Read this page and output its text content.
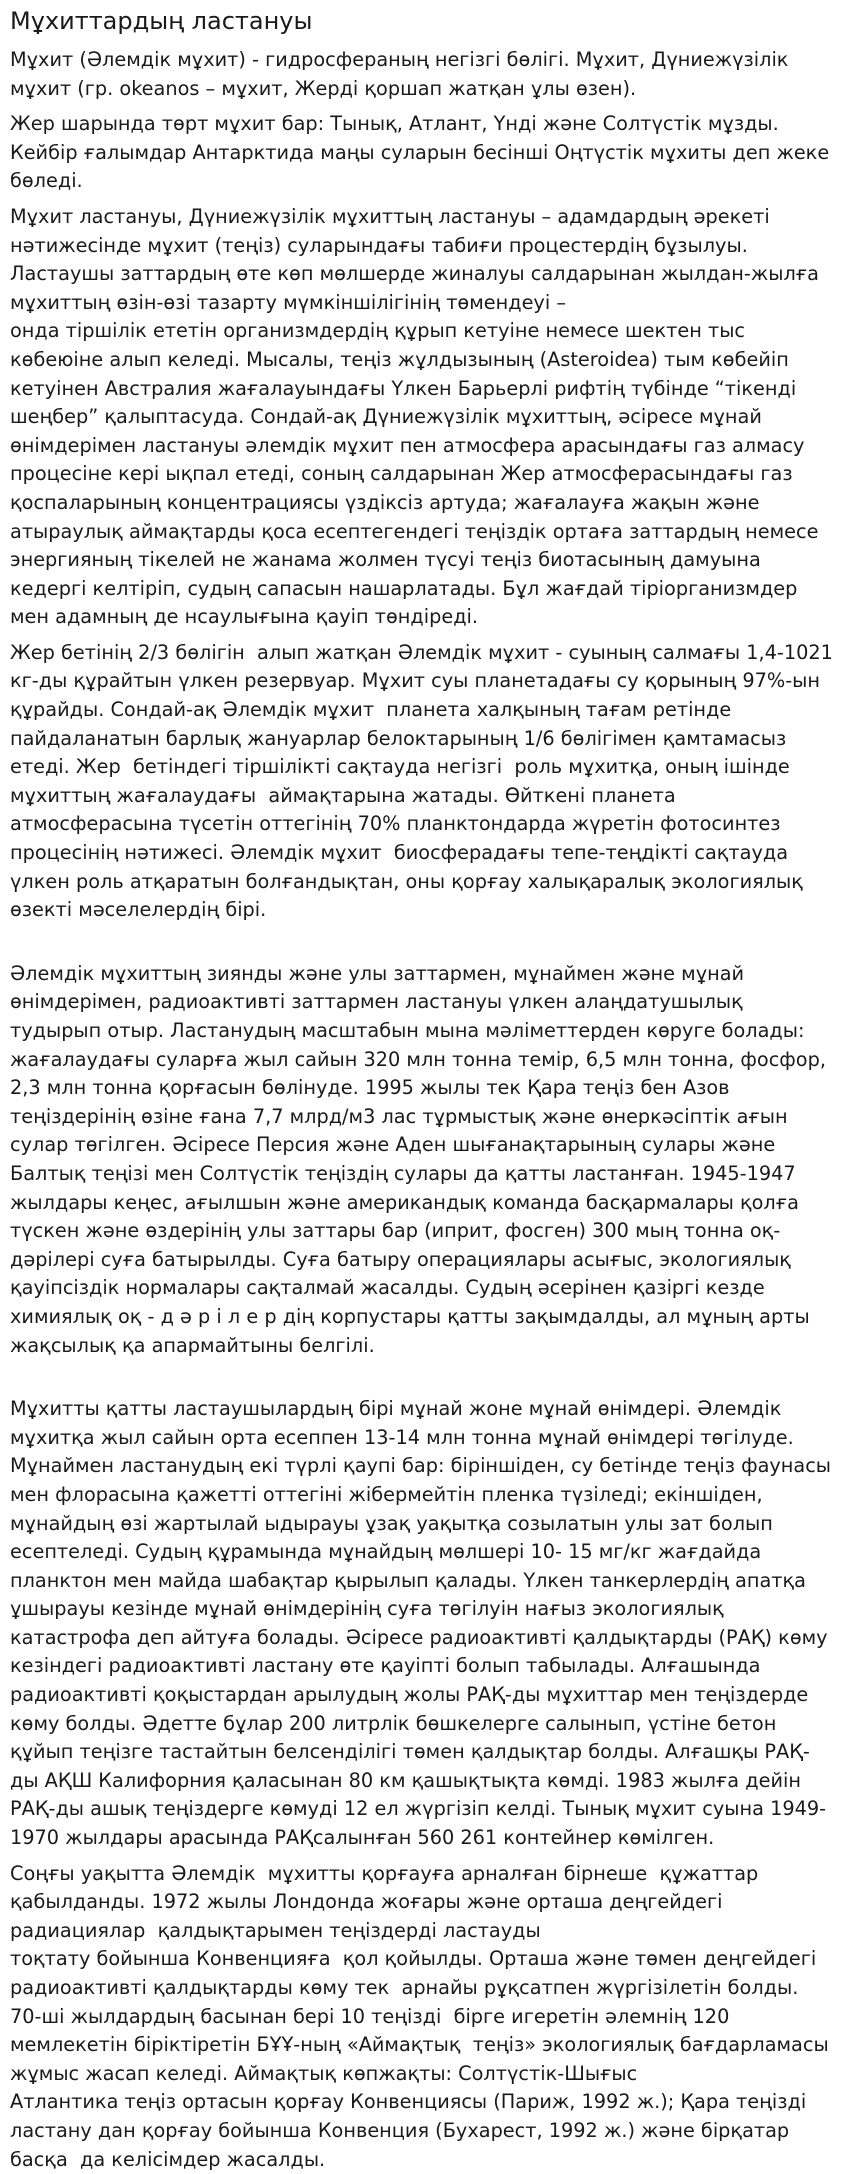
Мұхиттардың ластануы

Мұхит (Әлемдік мұхит) - гидросфераның негізгі бөлігі. Мұхит, Дүниежүзілік мұхит (гр. okeanos – мұхит, Жерді қоршап жатқан ұлы өзен).

Жер шарында төрт мұхит бар: Тынық, Атлант, Үнді және Солтүстік мұзды. Кейбір ғалымдар Антарктида маңы суларын бесінші Оңтүстік мұхиты деп жеке бөледі.

Мұхит ластануы, Дүниежүзілік мұхиттың ластануы – адамдардың әрекеті нәтижесінде мұхит (теңіз) суларындағы табиғи процестердің бұзылуы. Ластаушы заттардың өте көп мөлшерде жиналуы салдарынан жылдан-жылға мұхиттың өзін-өзі тазарту мүмкіншілігінің төмендеуі –
онда тіршілік ететін организмдердің құрып кетуіне немесе шектен тыс көбеюіне алып келеді. Мысалы, теңіз жұлдызының (Asteroidea) тым көбейіп кетуінен Австралия жағалауындағы Үлкен Барьерлі рифтің түбінде “тікенді шеңбер” қалыптасуда. Сондай-ақ Дүниежүзілік мұхиттың, әсіресе мұнай өнімдерімен ластануы әлемдік мұхит пен атмосфера арасындағы газ алмасу процесіне кері ықпал етеді, соның салдарынан Жер атмосферасындағы газ қоспаларының концентрациясы үздіксіз артуда; жағалауға жақын және атыраулық аймақтарды қоса есептегендегі теңіздік ортаға заттардың немесе энергияның тікелей не жанама жолмен түсуі теңіз биотасының дамуына кедергі келтіріп, судың сапасын нашарлатады. Бұл жағдай тіріорганизмдер мен адамның де нсаулығына қауіп төндіреді.

Жер бетінің 2/3 бөлігін  алып жатқан Әлемдік мұхит - суының салмағы 1,4-1021 кг-ды құрайтын үлкен резервуар. Мұхит суы планетадағы су қорының 97%-ын құрайды. Сондай-ақ Әлемдік мұхит  планета халқының тағам ретінде пайдаланатын барлық жануарлар белоктарының 1/6 бөлігімен қамтамасыз етеді. Жер  бетіндегі тіршілікті сақтауда негізгі  роль мұхитқа, оның ішінде мұхиттың жағалаудағы  аймақтарына жатады. Өйткені планета  атмосферасына түсетін оттегінің 70% планктондарда жүретін фотосинтез процесінің нәтижесі. Әлемдік мұхит  биосферадағы тепе-теңдікті сақтауда үлкен роль атқаратын болғандықтан, оны қорғау халықаралық экологиялық  өзекті мәселелердің бірі.

Әлемдік мұхиттың зиянды және улы заттармен, мұнаймен және мұнай өнімдерімен, радиоактивті заттармен ластануы үлкен алаңдатушылық тудырып отыр. Ластанудың масштабын мына мәліметтерден көруге болады: жағалаудағы суларға жыл сайын 320 млн тонна темір, 6,5 млн тонна, фосфор, 2,3 млн тонна қорғасын бөлінуде. 1995 жылы тек Қара теңіз бен Азов теңіздерінің өзіне ғана 7,7 млрд/м3 лас тұрмыстық және өнеркәсіптік ағын сулар төгілген. Әсіресе Персия және Аден шығанақтарының сулары және Балтық теңізі мен Солтүстік теңіздің сулары да қатты ластанған. 1945-1947 жылдары кеңес, ағылшын және американдық команда басқармалары қолға түскен және өздерінің улы заттары бар (иприт, фосген) 300 мың тонна оқ-дәрілері суға батырылды. Суға батыру операциялары асығыс, экологиялық қауіпсіздік нормалары сақталмай жасалды. Судың әсерінен қазіргі кезде химиялық оқ - д ә р і л е р дің корпустары қатты зақымдалды, ал мұның арты жақсылық қа апармайтыны белгілі.

Мұхитты қатты ластаушылардың бірі мұнай жоне мұнай өнімдері. Әлемдік мұхитқа жыл сайын орта есеппен 13-14 млн тонна мұнай өнімдері төгілуде. Мұнаймен ластанудың екі түрлі қаупі бар: біріншіден, су бетінде теңіз фаунасы мен флорасына қажетті оттегіні жібермейтін пленка түзіледі; екіншіден, мұнайдың өзі жартылай ыдырауы ұзақ уақытқа созылатын улы зат болып есептеледі. Судың құрамында мұнайдың мөлшері 10- 15 мг/кг жағдайда планктон мен майда шабақтар қырылып қалады. Үлкен танкерлердің апатқа ұшырауы кезінде мұнай өнімдерінің суға төгілуін нағыз экологиялық катастрофа деп айтуға болады. Әсіресе радиоактивті қалдықтарды (РАҚ) көму кезіндегі радиоактивті ластану өте қауіпті болып табылады. Алғашында радиоактивті қоқыстардан арылудың жолы РАҚ-ды мұхиттар мен теңіздерде көму болды. Әдетте бұлар 200 литрлік бөшкелерге салынып, үстіне бетон құйып теңізге тастайтын белсенділігі төмен қалдықтар болды. Алғашқы РАҚ-ды АҚШ Калифорния қаласынан 80 км қашықтықта көмді. 1983 жылға дейін РАҚ-ды ашық теңіздерге көмуді 12 ел жүргізіп келді. Тынық мұхит суына 1949- 1970 жылдары арасында РАҚсалынған 560 261 контейнер көмілген.

Соңғы уақытта Әлемдік  мұхитты қорғауға арналған бірнеше  құжаттар қабылданды. 1972 жылы Лондонда жоғары және орташа деңгейдегі радиациялар  қалдықтарымен теңіздерді ластауды
тоқтату бойынша Конвенцияға  қол қойылды. Орташа және төмен деңгейдегі радиоактивті қалдықтарды көму тек  арнайы рұқсатпен жүргізілетін болды. 70-ші жылдардың басынан бері 10 теңізді  бірге игеретін әлемнің 120 мемлекетін біріктіретін БҰҰ-ның «Аймақтық  теңіз» экологиялық бағдарламасы жұмыс жасап келеді. Аймақтық көпжақты: Солтүстік-Шығыс
Атлантика теңіз ортасын қорғау Конвенциясы (Париж, 1992 ж.); Қара теңізді ластану дан қорғау бойынша Конвенция (Бухарест, 1992 ж.) және бірқатар басқа  да келісімдер жасалды.
